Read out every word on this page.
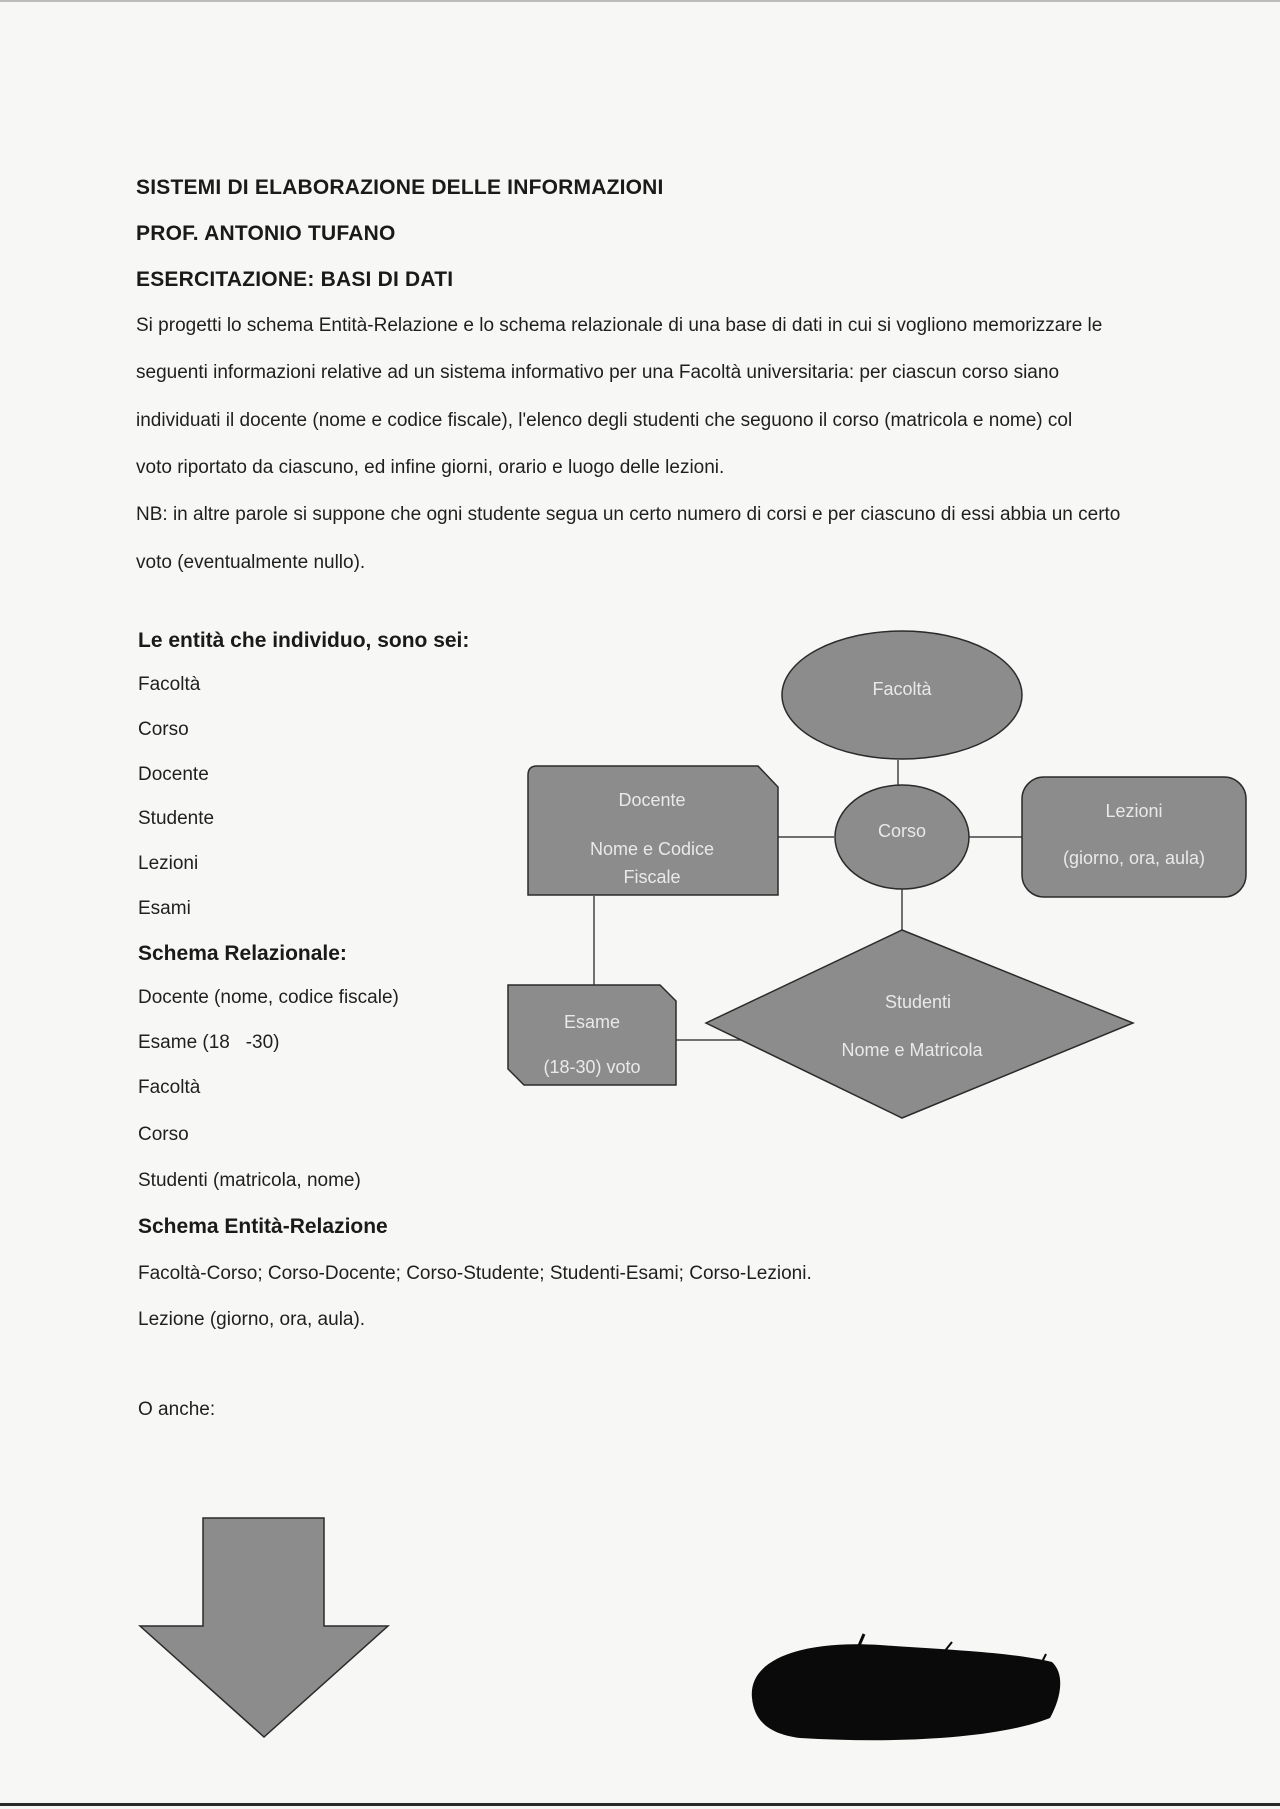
SISTEMI DI ELABORAZIONE DELLE INFORMAZIONI
PROF. ANTONIO TUFANO
ESERCITAZIONE: BASI DI DATI
Si progetti lo schema Entità-Relazione e lo schema relazionale di una base di dati in cui si vogliono memorizzare le
seguenti informazioni relative ad un sistema informativo per una Facoltà universitaria: per ciascun corso siano
individuati il docente (nome e codice fiscale), l'elenco degli studenti che seguono il corso (matricola e nome) col
voto riportato da ciascuno, ed infine giorni, orario e luogo delle lezioni.
NB: in altre parole si suppone che ogni studente segua un certo numero di corsi e per ciascuno di essi abbia un certo
voto (eventualmente nullo).
Le entità che individuo, sono sei:
Facoltà
Corso
Docente
Studente
Lezioni
Esami
Schema Relazionale:
Docente (nome, codice fiscale)
Esame (18   -30)
Facoltà
Corso
Studenti (matricola, nome)
Schema Entità-Relazione
Facoltà-Corso; Corso-Docente; Corso-Studente; Studenti-Esami; Corso-Lezioni.
Lezione (giorno, ora, aula).
O anche:
Facoltà
Corso
Docente
Nome e Codice
Fiscale
Lezioni
(giorno, ora, aula)
Esame
(18-30) voto
Studenti
Nome e Matricola
